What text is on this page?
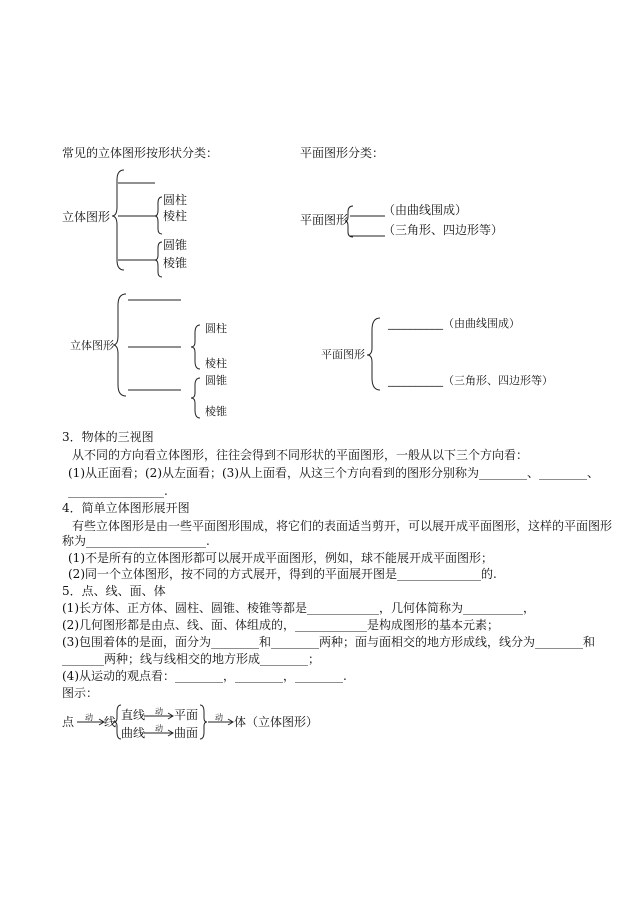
常见的立体图形按形状分类：
立体图形
圆柱
棱柱
圆锥
棱锥
平面图形分类：
平面图形
（由曲线围成）
（三角形、四边形等）
立体图形
圆柱
棱柱
圆锥
棱锥
平面图形
__________（由曲线围成）
__________（三角形、四边形等）
3．物体的三视图
从不同的方向看立体图形，往往会得到不同形状的平面图形，一般从以下三个方向看：
(1)从正面看；(2)从左面看；(3)从上面看，从这三个方向看到的图形分别称为________、________、
________________.
4．简单立体图形展开图
有些立体图形是由一些平面图形围成，将它们的表面适当剪开，可以展开成平面图形，这样的平面图形
称为____________________.
(1)不是所有的立体图形都可以展开成平面图形，例如，球不能展开成平面图形；
(2)同一个立体图形，按不同的方式展开，得到的平面展开图是______________的.
5．点、线、面、体
(1)长方体、正方体、圆柱、圆锥、棱锥等都是____________，几何体简称为__________，
(2)几何图形都是由点、线、面、体组成的，____________是构成图形的基本元素；
(3)包围着体的是面，面分为________和________两种；面与面相交的地方形成线，线分为________和
_______两种；线与线相交的地方形成________；
(4)从运动的观点看：________，________，________.
图示：
点 动 线 直线 动 平面
曲线 动 曲面
动 体（立体图形）
